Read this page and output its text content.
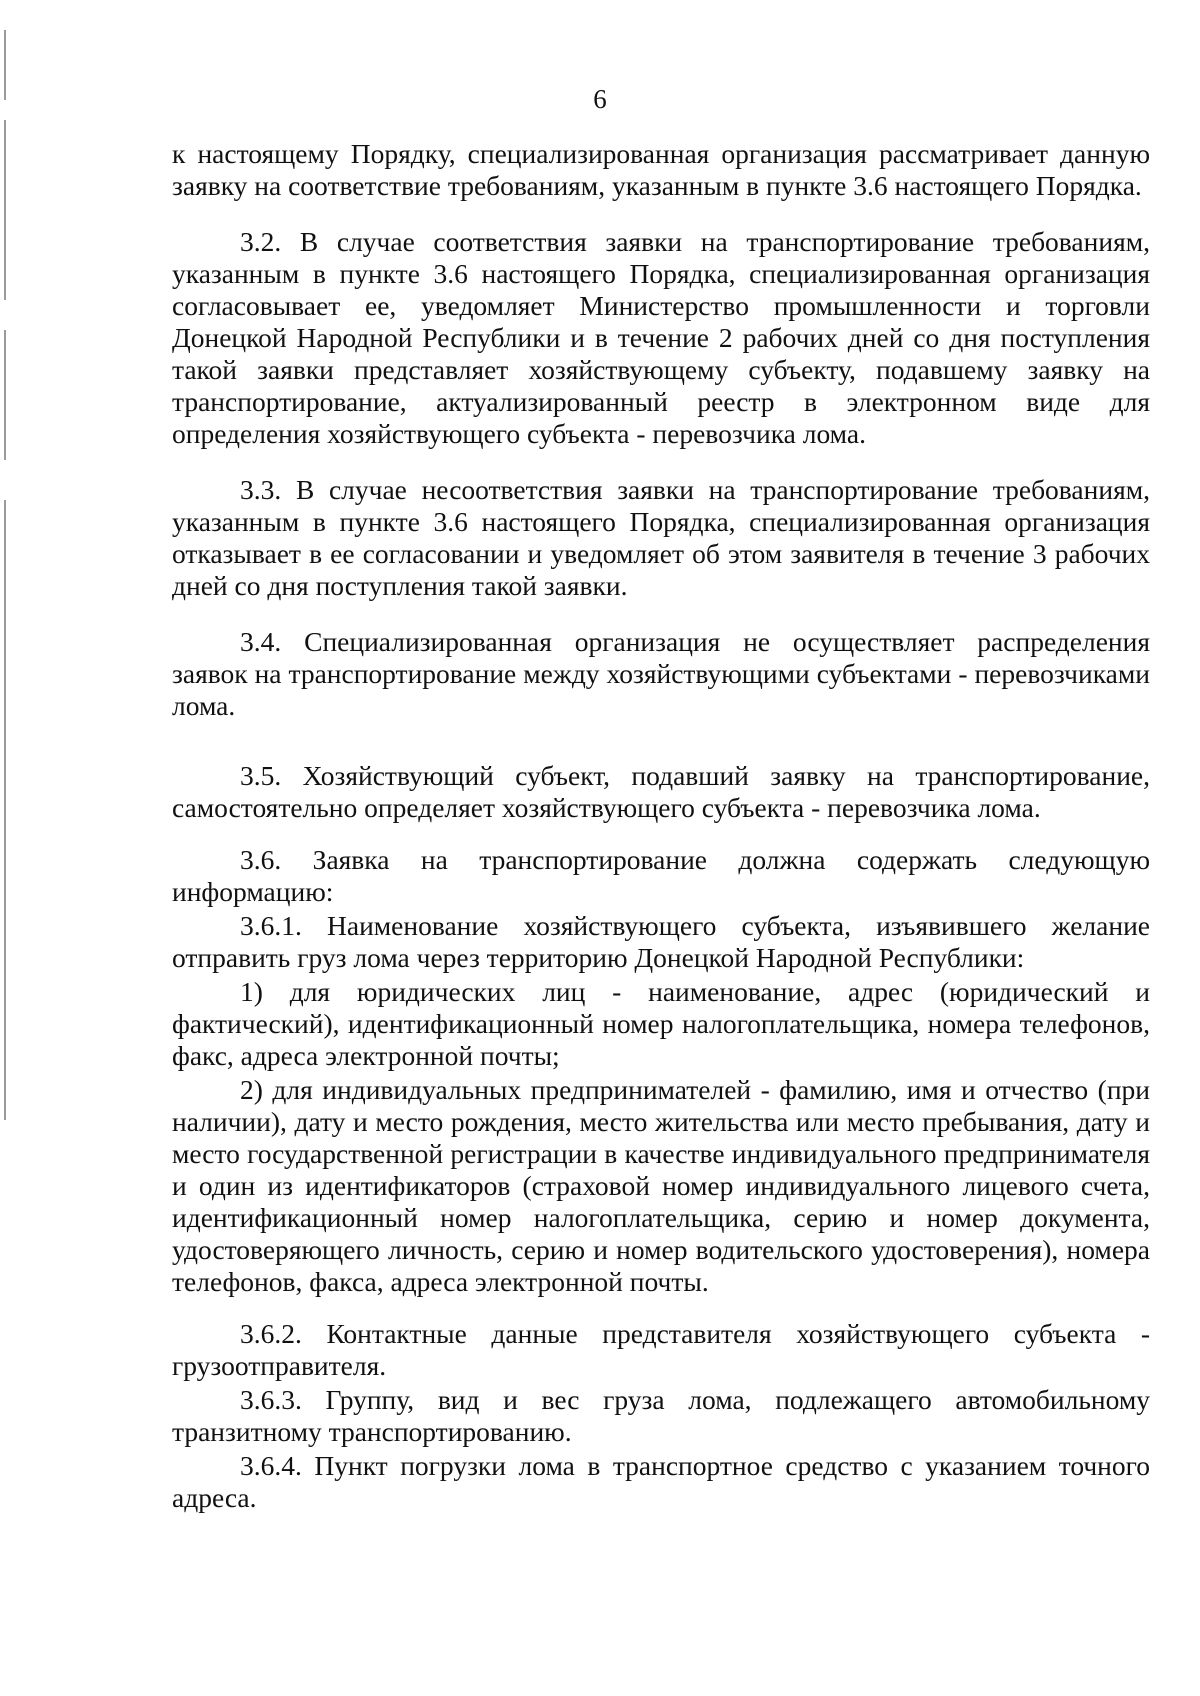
6

к настоящему Порядку, специализированная организация рассматривает данную заявку на соответствие требованиям, указанным в пункте 3.6 настоящего Порядка.

3.2. В случае соответствия заявки на транспортирование требованиям, указанным в пункте 3.6 настоящего Порядка, специализированная организация согласовывает ее, уведомляет Министерство промышленности и торговли Донецкой Народной Республики и в течение 2 рабочих дней со дня поступления такой заявки представляет хозяйствующему субъекту, подавшему заявку на транспортирование, актуализированный реестр в электронном виде для определения хозяйствующего субъекта - перевозчика лома.

3.3. В случае несоответствия заявки на транспортирование требованиям, указанным в пункте 3.6 настоящего Порядка, специализированная организация отказывает в ее согласовании и уведомляет об этом заявителя в течение 3 рабочих дней со дня поступления такой заявки.

3.4. Специализированная организация не осуществляет распределения заявок на транспортирование между хозяйствующими субъектами - перевозчиками лома.

3.5. Хозяйствующий субъект, подавший заявку на транспортирование, самостоятельно определяет хозяйствующего субъекта - перевозчика лома.

3.6. Заявка на транспортирование должна содержать следующую информацию:

3.6.1. Наименование хозяйствующего субъекта, изъявившего желание отправить груз лома через территорию Донецкой Народной Республики:

1) для юридических лиц - наименование, адрес (юридический и фактический), идентификационный номер налогоплательщика, номера телефонов, факс, адреса электронной почты;

2) для индивидуальных предпринимателей - фамилию, имя и отчество (при наличии), дату и место рождения, место жительства или место пребывания, дату и место государственной регистрации в качестве индивидуального предпринимателя и один из идентификаторов (страховой номер индивидуального лицевого счета, идентификационный номер налогоплательщика, серию и номер документа, удостоверяющего личность, серию и номер водительского удостоверения), номера телефонов, факса, адреса электронной почты.

3.6.2. Контактные данные представителя хозяйствующего субъекта - грузоотправителя.

3.6.3. Группу, вид и вес груза лома, подлежащего автомобильному транзитному транспортированию.

3.6.4. Пункт погрузки лома в транспортное средство с указанием точного адреса.
